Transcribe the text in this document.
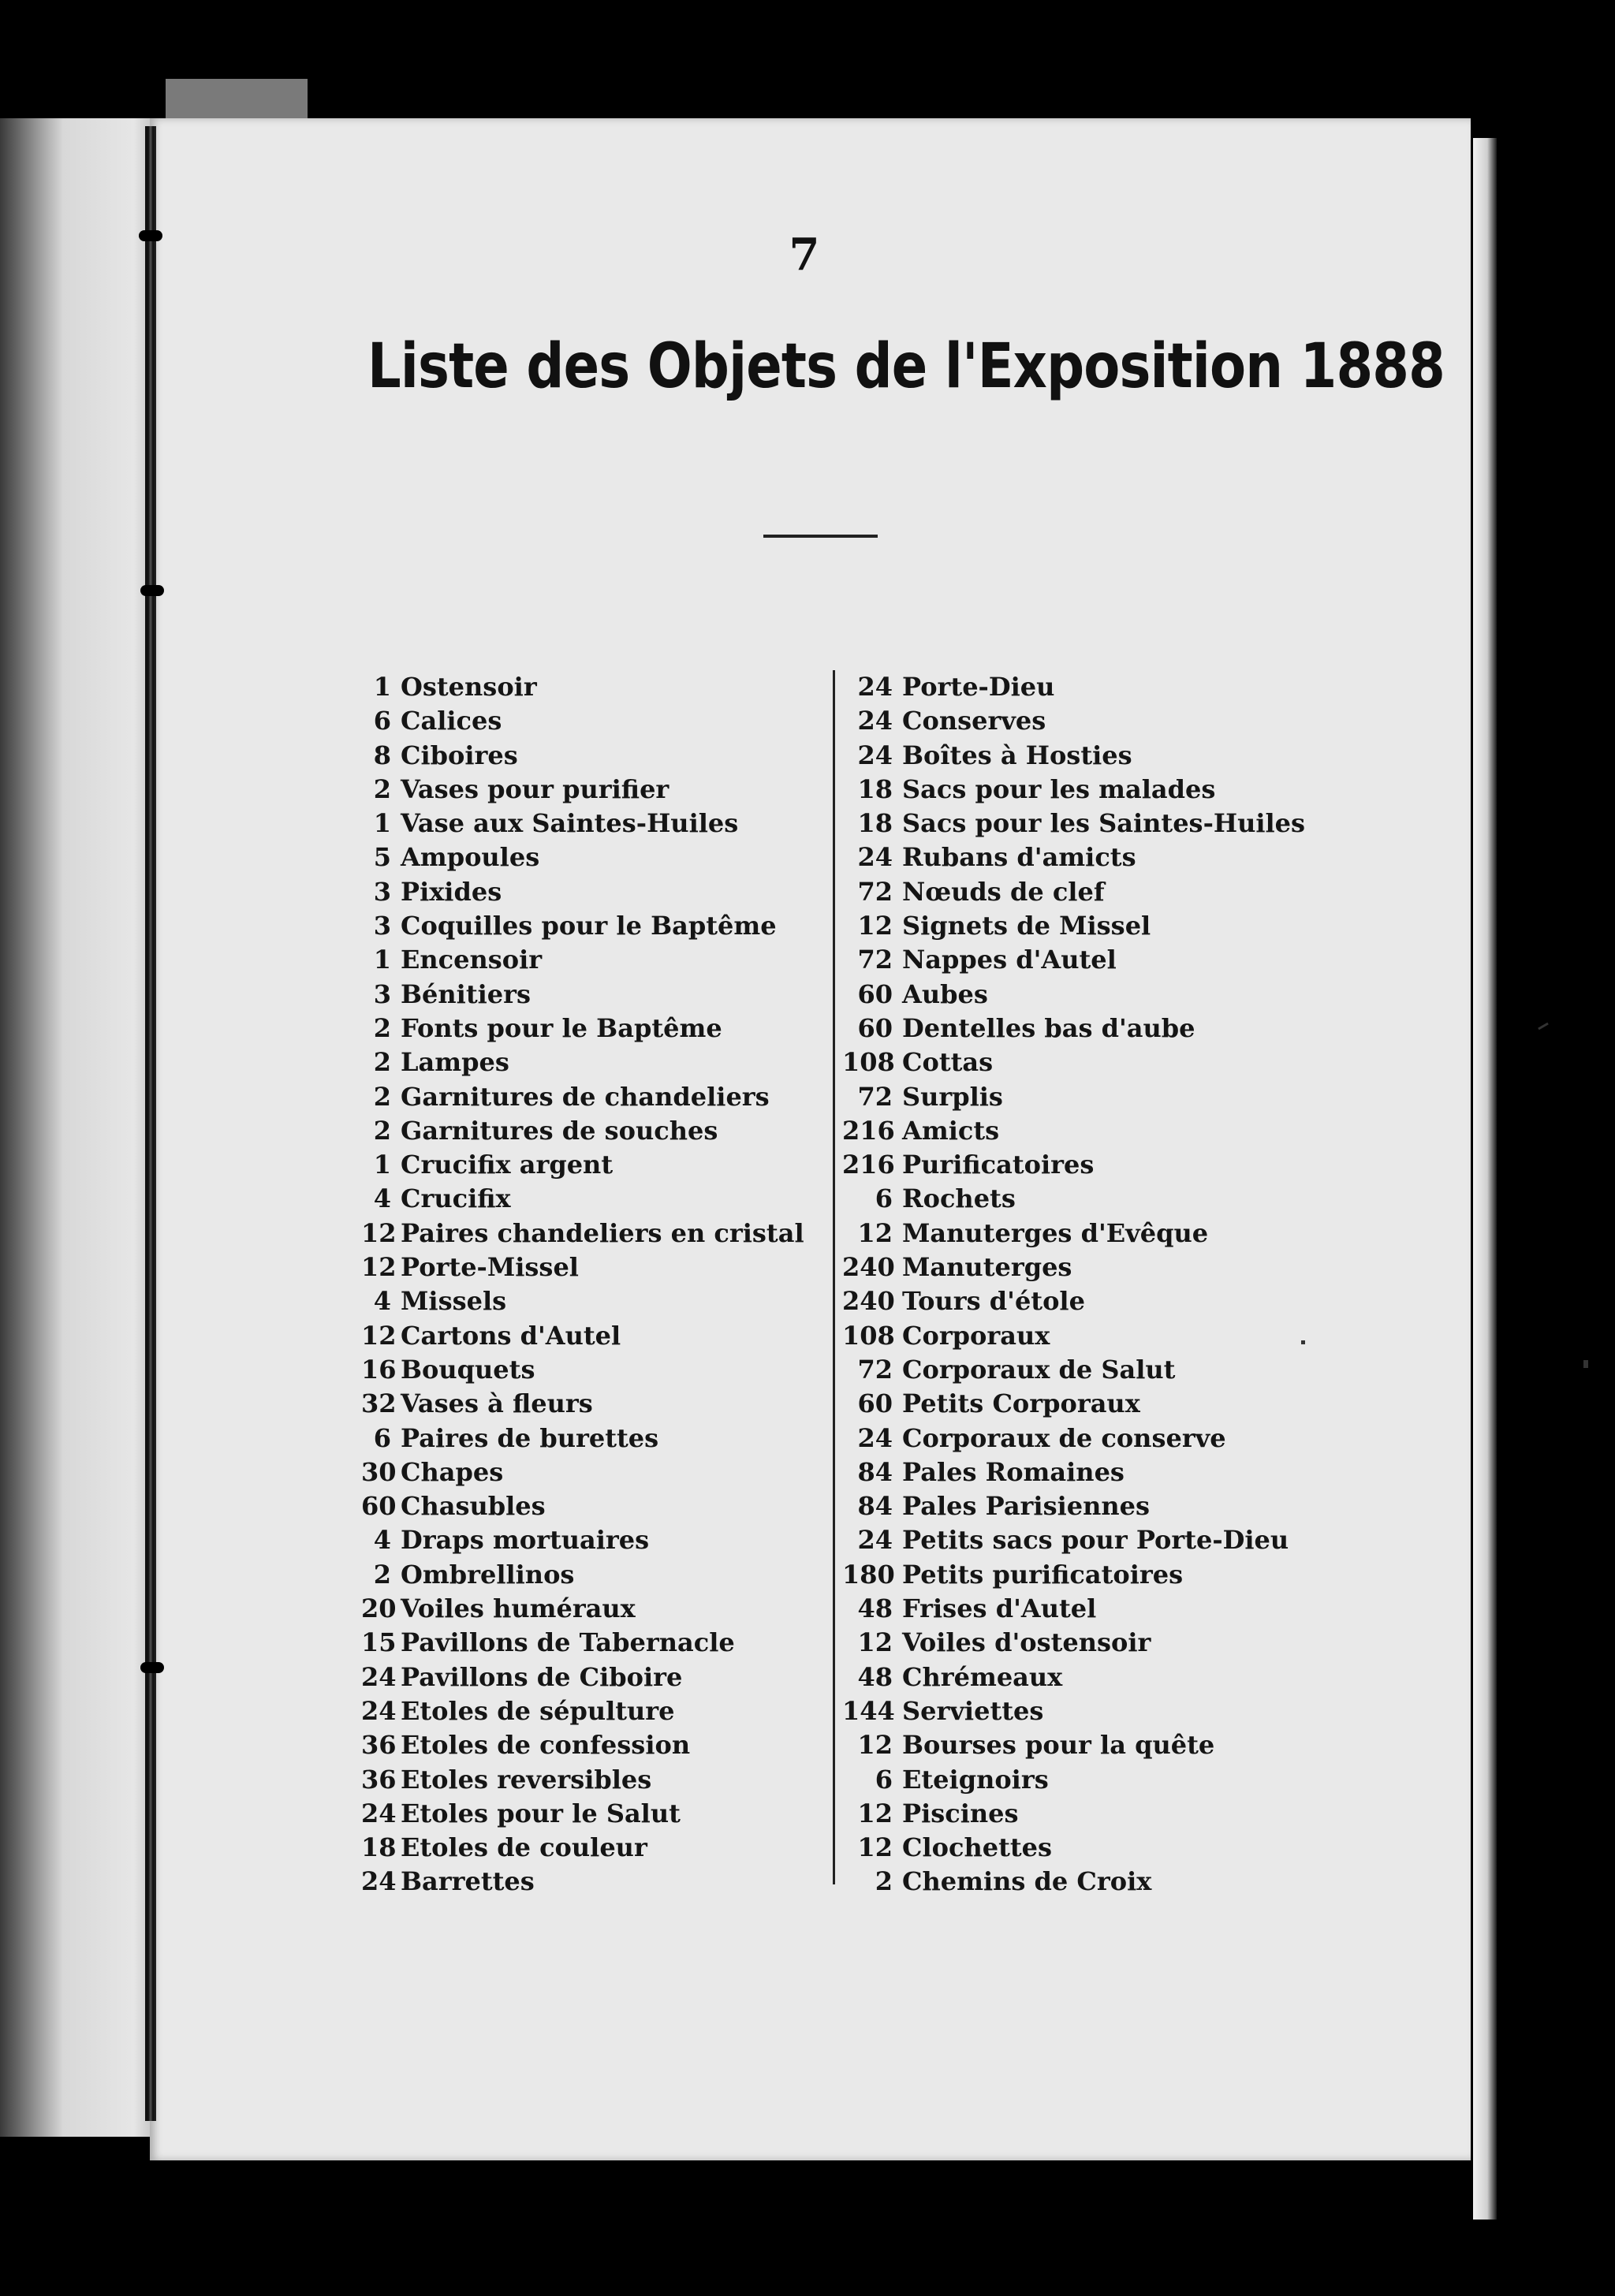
7
Liste des Objets de l'Exposition 1888
1 Ostensoir
6 Calices
8 Ciboires
2 Vases pour purifier
1 Vase aux Saintes-Huiles
5 Ampoules
3 Pixides
3 Coquilles pour le Baptême
1 Encensoir
3 Bénitiers
2 Fonts pour le Baptême
2 Lampes
2 Garnitures de chandeliers
2 Garnitures de souches
1 Crucifix argent
4 Crucifix
12 Paires chandeliers en cristal
12 Porte-Missel
4 Missels
12 Cartons d'Autel
16 Bouquets
32 Vases à fleurs
6 Paires de burettes
30 Chapes
60 Chasubles
4 Draps mortuaires
2 Ombrellinos
20 Voiles huméraux
15 Pavillons de Tabernacle
24 Pavillons de Ciboire
24 Etoles de sépulture
36 Etoles de confession
36 Etoles reversibles
24 Etoles pour le Salut
18 Etoles de couleur
24 Barrettes
24 Porte-Dieu
24 Conserves
24 Boîtes à Hosties
18 Sacs pour les malades
18 Sacs pour les Saintes-Huiles
24 Rubans d'amicts
72 Nœuds de clef
12 Signets de Missel
72 Nappes d'Autel
60 Aubes
60 Dentelles bas d'aube
108 Cottas
72 Surplis
216 Amicts
216 Purificatoires
6 Rochets
12 Manuterges d'Evêque
240 Manuterges
240 Tours d'étole
108 Corporaux
72 Corporaux de Salut
60 Petits Corporaux
24 Corporaux de conserve
84 Pales Romaines
84 Pales Parisiennes
24 Petits sacs pour Porte-Dieu
180 Petits purificatoires
48 Frises d'Autel
12 Voiles d'ostensoir
48 Chrémeaux
144 Serviettes
12 Bourses pour la quête
6 Eteignoirs
12 Piscines
12 Clochettes
2 Chemins de Croix
